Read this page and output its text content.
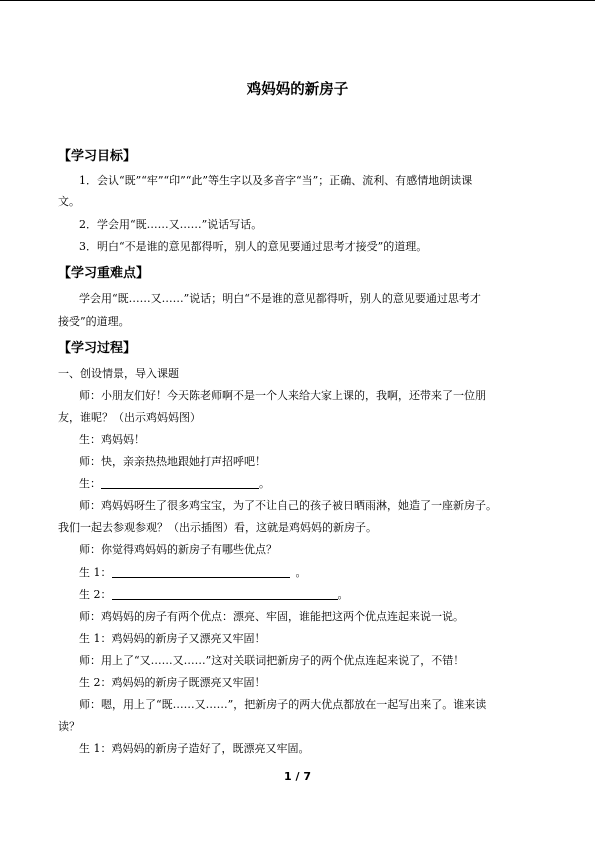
鸡妈妈的新房子
【学习目标】
1．会认“既”“牢”“印”“此”等生字以及多音字“当”；正确、流利、有感情地朗读课
文。
2．学会用“既……又……”说话写话。
3．明白“不是谁的意见都得听，别人的意见要通过思考才接受”的道理。
【学习重难点】
学会用“既……又……”说话；明白“不是谁的意见都得听，别人的意见要通过思考才
接受”的道理。
【学习过程】
一、创设情景，导入课题
师：小朋友们好！今天陈老师啊不是一个人来给大家上课的，我啊，还带来了一位朋
友，谁呢？（出示鸡妈妈图）
生：鸡妈妈！
师：快，亲亲热热地跟她打声招呼吧！
生：	。
师：鸡妈妈呀生了很多鸡宝宝，为了不让自己的孩子被日晒雨淋，她造了一座新房子。
我们一起去参观参观？（出示插图）看，这就是鸡妈妈的新房子。
师：你觉得鸡妈妈的新房子有哪些优点？
生 1：	。
生 2：	。
师：鸡妈妈的房子有两个优点：漂亮、牢固，谁能把这两个优点连起来说一说。
生 1：鸡妈妈的新房子又漂亮又牢固！
师：用上了“又……又……”这对关联词把新房子的两个优点连起来说了，不错！
生 2：鸡妈妈的新房子既漂亮又牢固！
师：嗯，用上了“既……又……”，把新房子的两大优点都放在一起写出来了。谁来读
读？
生 1：鸡妈妈的新房子造好了，既漂亮又牢固。
1 / 7
